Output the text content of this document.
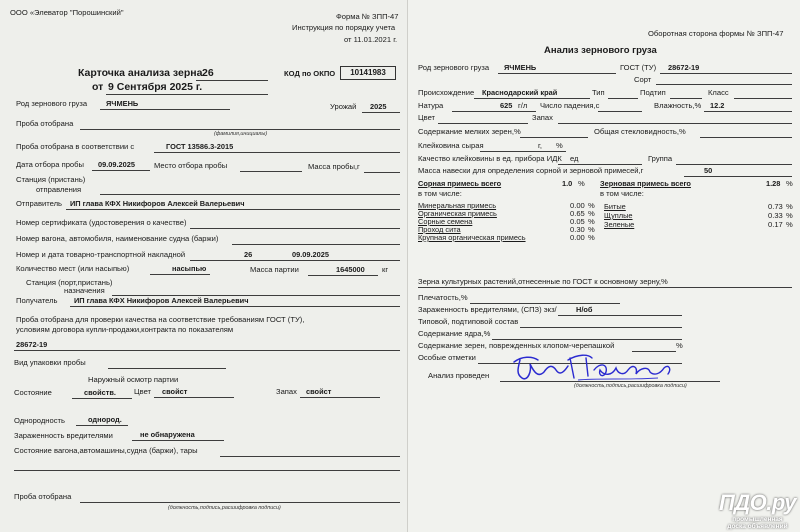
ООО «Элеватор "Порошинский"	Форма № ЗПП-47
Инструкция по порядку учета
от 11.01.2021 г.
Карточка анализа зерна 26
от 9 Сентября 2025 г.
КОД по ОКПО	10141983
Род зернового груза	ЯЧМЕНЬ	Урожай 2025
Проба отобрана
(фамилия,инициалы)
Проба отобрана в соответствии с	ГОСТ 13586.3-2015
Дата отбора пробы 09.09.2025	Место отбора пробы	Масса пробы,г
Станция (пристань)
отправления
Отправитель ИП глава КФХ Никифоров Алексей Валерьевич
Номер сертификата (удостоверения о качестве)
Номер вагона, автомобиля, наименование судна (баржи)
Номер и дата товарно-транспортной накладной	26	09.09.2025
Количество мест (или насыпью)	насыпью	Масса партии	1645000 кг
Станция (порт,пристань)
назначения
Получатель ИП глава КФХ Никифоров Алексей Валерьевич
Проба отобрана для проверки качества на соответствие требованиям ГОСТ (ТУ),
условиям договора купли-продажи,контракта по показателям
28672-19
Вид упаковки пробы
Наружный осмотр партии
Состояние	свойств. Цвет свойст	Запах свойст
Однородность	однород.
Зараженность вредителями	не обнаружена
Состояние вагона,автомашины,судна (баржи), тары
Проба отобрана
(должность,подпись,расшифровка подписи)
Оборотная сторона формы № ЗПП-47
Анализ зернового груза
Род зернового груза ЯЧМЕНЬ	ГОСТ (ТУ) 28672-19
Сорт
Происхождение Краснодарский край	Тип	Подтип	Класс
Натура	625 г/л Число падения,с	Влажность,% 12.2
Цвет	Запах
Содержание мелких зерен,%	Общая стекловидность,%
Клейковина сырая	г, %
Качество клейковины в ед. прибора ИДК ед	Группа
Масса навески для определения сорной и зерновой примесей,г	50
Сорная примесь всего	1.0 % Зерновая примесь всего	1.28 %
в том числе:	в том числе:
Минеральная примесь	0.00 %
Органическая примесь	0.65 %
Сорные семена	0.05 %
Проход сита	0.30 %
Крупная органическая примесь	0.00 %
Битые	0.73 %
Щуплые	0.33 %
Зеленые	0.17 %
Зерна культурных растений,отнесенные по ГОСТ к основному зерну,%
Плечатость,%
Зараженность вредителями, (СПЗ) экз/	Н/об
Типовой, подтиповой состав
Содержание ядра,%
Содержание зерен, поврежденных клопом-черепашкой	%
Особые отметки
Анализ проведен
(должность,подпись,расшифровка подписи)
ПДО.ру
промышленная
доска объявлений
